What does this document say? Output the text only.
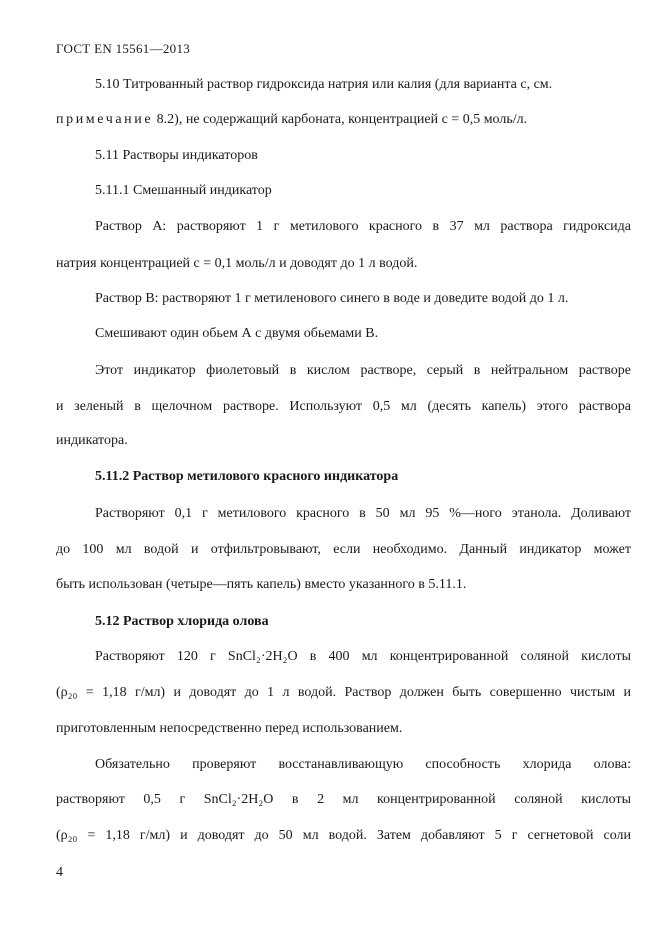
ГОСТ EN 15561—2013

5.10 Титрованный раствор гидроксида натрия или калия (для варианта с, см.

примечание 8.2), не содержащий карбоната, концентрацией c = 0,5 моль/л.

5.11 Растворы индикаторов

5.11.1 Смешанный индикатор

Раствор А: растворяют 1 г метилового красного в 37 мл раствора гидроксида

натрия концентрацией c = 0,1 моль/л и доводят до 1 л водой.

Раствор В: растворяют 1 г метиленового синего в воде и доведите водой до 1 л.

Смешивают один обьем А с двумя обьемами В.

Этот индикатор фиолетовый в кислом растворе, серый в нейтральном растворе

и зеленый в щелочном растворе. Используют 0,5 мл (десять капель) этого раствора

индикатора.

5.11.2 Раствор метилового красного индикатора

Растворяют 0,1 г метилового красного в 50 мл 95 %—ного этанола. Доливают

до 100 мл водой и отфильтровывают, если необходимо. Данный индикатор может

быть использован (четыре—пять капель) вместо указанного в 5.11.1.

5.12 Раствор хлорида олова

Растворяют 120 г SnCl₂·2H₂O в 400 мл концентрированной соляной кислоты

(ρ₂₀ = 1,18 г/мл) и доводят до 1 л водой. Раствор должен быть совершенно чистым и

приготовленным непосредственно перед использованием.

Обязательно проверяют восстанавливающую способность хлорида олова:

растворяют 0,5 г SnCl₂·2H₂O в 2 мл концентрированной соляной кислоты

(ρ₂₀ = 1,18 г/мл) и доводят до 50 мл водой. Затем добавляют 5 г сегнетовой соли

4
